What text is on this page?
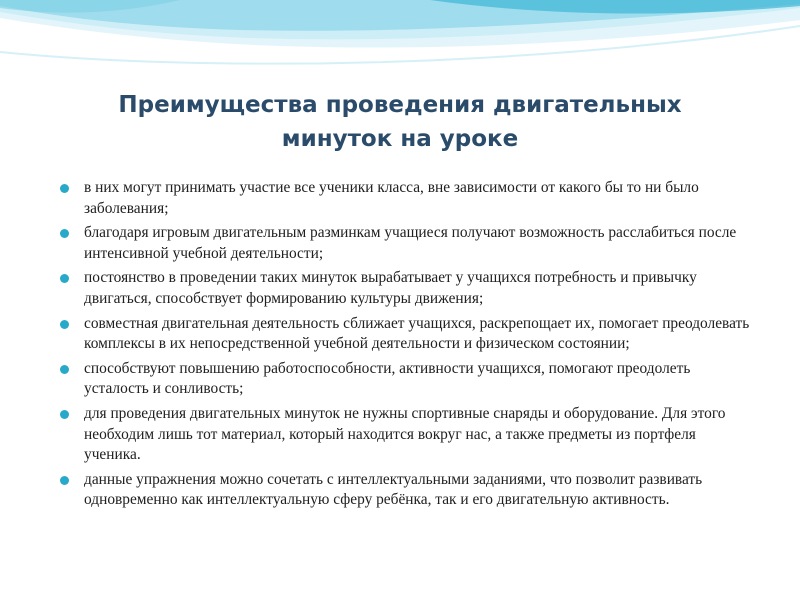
Преимущества проведения двигательных
минуток на уроке
в них могут принимать участие все ученики класса, вне зависимости от какого бы то ни было заболевания;
благодаря игровым двигательным разминкам учащиеся получают возможность расслабиться после интенсивной учебной деятельности;
постоянство в проведении таких минуток вырабатывает у учащихся потребность и привычку двигаться, способствует формированию культуры движения;
совместная двигательная деятельность сближает учащихся, раскрепощает их, помогает преодолевать комплексы в их непосредственной учебной деятельности и физическом состоянии;
способствуют повышению работоспособности, активности учащихся, помогают преодолеть усталость и сонливость;
для проведения двигательных минуток не нужны спортивные снаряды и оборудование. Для этого необходим лишь тот материал, который находится вокруг нас, а также предметы из портфеля ученика.
данные упражнения можно сочетать с интеллектуальными заданиями, что позволит развивать одновременно как интеллектуальную сферу ребёнка, так и его двигательную активность.
